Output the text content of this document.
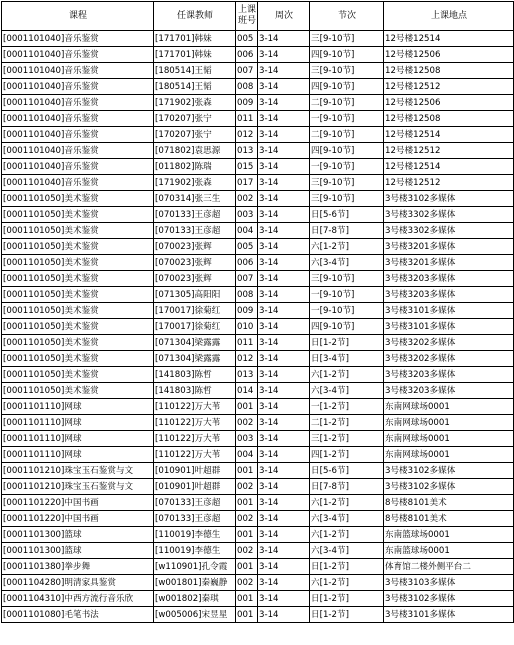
课程	任课教师	上课班号	周次	节次	上课地点
[0001101040]音乐鉴赏	[171701]韩妹	005	3-14	三[9-10节]	12号楼12514
[0001101040]音乐鉴赏	[171701]韩妹	006	3-14	四[9-10节]	12号楼12506
[0001101040]音乐鉴赏	[180514]王韬	007	3-14	三[9-10节]	12号楼12508
[0001101040]音乐鉴赏	[180514]王韬	008	3-14	四[9-10节]	12号楼12512
[0001101040]音乐鉴赏	[171902]张森	009	3-14	二[9-10节]	12号楼12506
[0001101040]音乐鉴赏	[170207]张宁	011	3-14	一[9-10节]	12号楼12508
[0001101040]音乐鉴赏	[170207]张宁	012	3-14	二[9-10节]	12号楼12514
[0001101040]音乐鉴赏	[071802]袁思源	013	3-14	四[9-10节]	12号楼12512
[0001101040]音乐鉴赏	[011802]陈瑞	015	3-14	一[9-10节]	12号楼12514
[0001101040]音乐鉴赏	[171902]张森	017	3-14	三[9-10节]	12号楼12512
[0001101050]美术鉴赏	[070314]张三生	002	3-14	三[9-10节]	3号楼3102多媒体
[0001101050]美术鉴赏	[070133]王彦超	003	3-14	日[5-6节]	3号楼3302多媒体
[0001101050]美术鉴赏	[070133]王彦超	004	3-14	日[7-8节]	3号楼3302多媒体
[0001101050]美术鉴赏	[070023]张辉	005	3-14	六[1-2节]	3号楼3201多媒体
[0001101050]美术鉴赏	[070023]张辉	006	3-14	六[3-4节]	3号楼3201多媒体
[0001101050]美术鉴赏	[070023]张辉	007	3-14	三[9-10节]	3号楼3203多媒体
[0001101050]美术鉴赏	[071305]高阳阳	008	3-14	一[9-10节]	3号楼3203多媒体
[0001101050]美术鉴赏	[170017]徐菊红	009	3-14	一[9-10节]	3号楼3101多媒体
[0001101050]美术鉴赏	[170017]徐菊红	010	3-14	四[9-10节]	3号楼3101多媒体
[0001101050]美术鉴赏	[071304]梁露露	011	3-14	日[1-2节]	3号楼3202多媒体
[0001101050]美术鉴赏	[071304]梁露露	012	3-14	日[3-4节]	3号楼3202多媒体
[0001101050]美术鉴赏	[141803]陈哲	013	3-14	六[1-2节]	3号楼3203多媒体
[0001101050]美术鉴赏	[141803]陈哲	014	3-14	六[3-4节]	3号楼3203多媒体
[0001101110]网球	[110122]万大苇	001	3-14	一[1-2节]	东南网球场0001
[0001101110]网球	[110122]万大苇	002	3-14	二[1-2节]	东南网球场0001
[0001101110]网球	[110122]万大苇	003	3-14	三[1-2节]	东南网球场0001
[0001101110]网球	[110122]万大苇	004	3-14	四[1-2节]	东南网球场0001
[0001101210]珠宝玉石鉴赏与文	[010901]叶超群	001	3-14	日[5-6节]	3号楼3102多媒体
[0001101210]珠宝玉石鉴赏与文	[010901]叶超群	002	3-14	日[7-8节]	3号楼3102多媒体
[0001101220]中国书画	[070133]王彦超	001	3-14	六[1-2节]	8号楼8101美术
[0001101220]中国书画	[070133]王彦超	002	3-14	六[3-4节]	8号楼8101美术
[0001101300]篮球	[110019]李德生	001	3-14	六[1-2节]	东南篮球场0001
[0001101300]篮球	[110019]李德生	002	3-14	六[3-4节]	东南篮球场0001
[0001101380]拳步舞	[w110901]孔令霞	001	3-14	日[1-2节]	体育馆二楼外侧平台二
[0001104280]明清家具鉴赏	[w001801]秦巍静	002	3-14	六[1-2节]	3号楼3103多媒体
[0001104310]中西方流行音乐欣	[w001802]秦琪	001	3-14	日[1-2节]	3号楼3102多媒体
[0001101080]毛笔书法	[w005006]宋昱星	001	3-14	日[1-2节]	3号楼3101多媒体
